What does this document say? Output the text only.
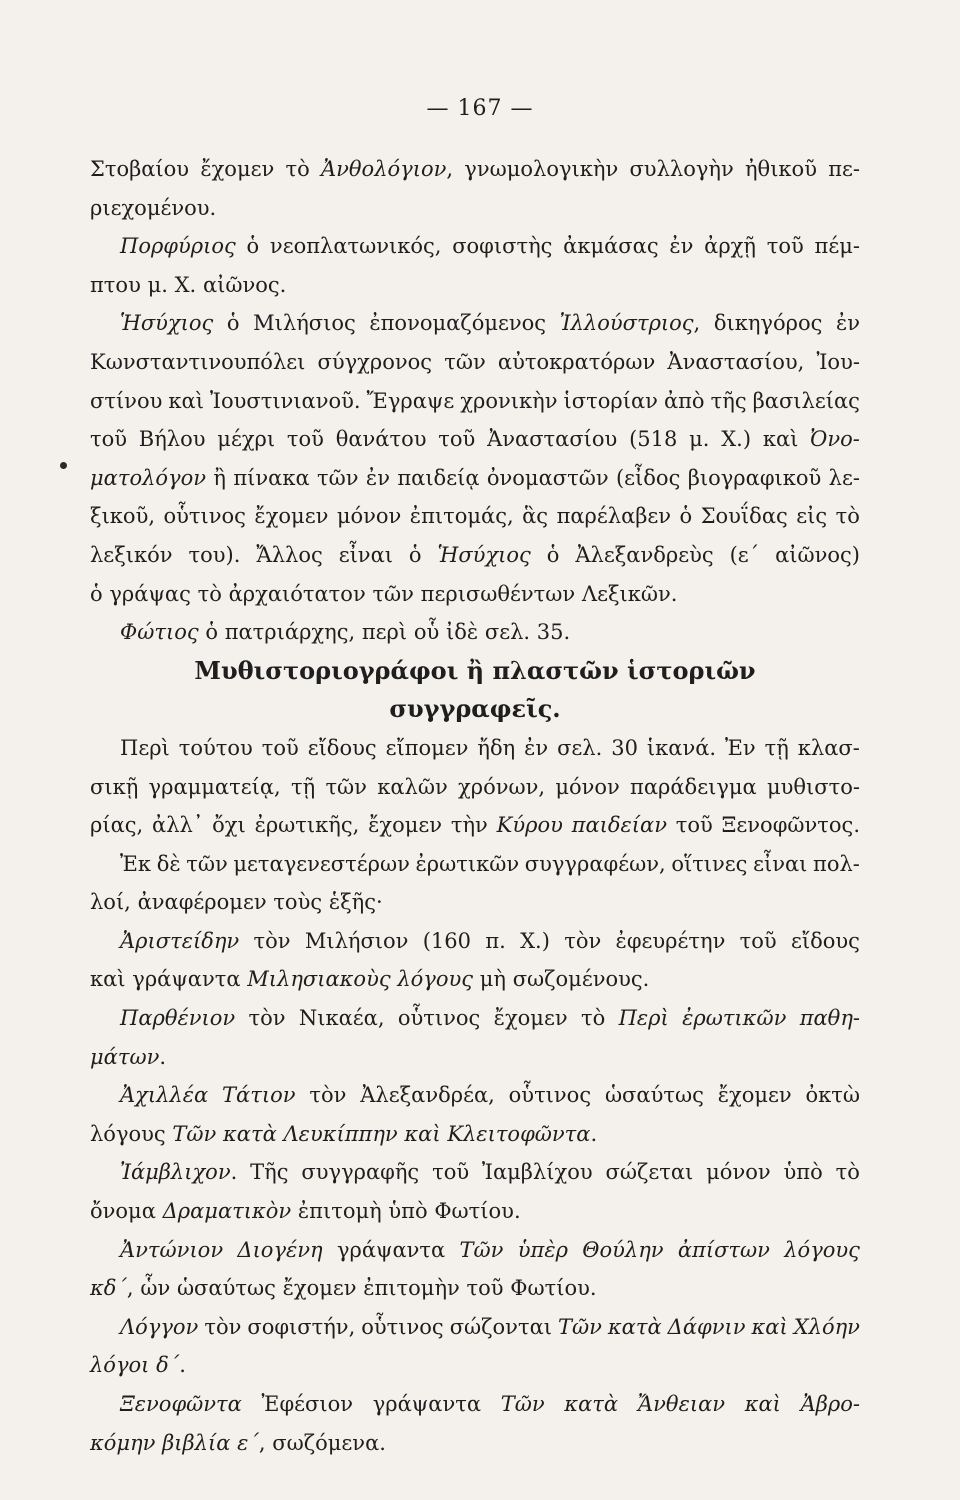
— 167 —
Στοβαίου ἔχομεν τὸ Ἀνθολόγιον, γνωμολογικὴν συλλογὴν ἠθικοῦ πε-
ριεχομένου.
Πορφύριος ὁ νεοπλατωνικός, σοφιστὴς ἀκμάσας ἐν ἀρχῇ τοῦ πέμ-
πτου μ. Χ. αἰῶνος.
Ἡσύχιος ὁ Μιλήσιος ἐπονομαζόμενος Ἰλλούστριος, δικηγόρος ἐν
Κωνσταντινουπόλει σύγχρονος τῶν αὐτοκρατόρων Ἀναστασίου, Ἰου-
στίνου καὶ Ἰουστινιανοῦ. Ἔγραψε χρονικὴν ἱστορίαν ἀπὸ τῆς βασιλείας
τοῦ Βήλου μέχρι τοῦ θανάτου τοῦ Ἀναστασίου (518 μ. Χ.) καὶ Ὀνο-
ματολόγον ἢ πίνακα τῶν ἐν παιδείᾳ ὀνομαστῶν (εἶδος βιογραφικοῦ λε-
ξικοῦ, οὗτινος ἔχομεν μόνον ἐπιτομάς, ἃς παρέλαβεν ὁ Σουΐδας εἰς τὸ
λεξικόν του). Ἄλλος εἶναι ὁ Ἡσύχιος ὁ Ἀλεξανδρεὺς (ε´ αἰῶνος)
ὁ γράψας τὸ ἀρχαιότατον τῶν περισωθέντων Λεξικῶν.
Φώτιος ὁ πατριάρχης, περὶ οὗ ἰδὲ σελ. 35.
Μυθιστοριογράφοι ἢ πλαστῶν ἱστοριῶν
συγγραφεῖς.
Περὶ τούτου τοῦ εἴδους εἴπομεν ἤδη ἐν σελ. 30 ἱκανά. Ἐν τῇ κλασ-
σικῇ γραμματείᾳ, τῇ τῶν καλῶν χρόνων, μόνον παράδειγμα μυθιστο-
ρίας, ἀλλ᾽ ὄχι ἐρωτικῆς, ἔχομεν τὴν Κύρου παιδείαν τοῦ Ξενοφῶντος.
Ἐκ δὲ τῶν μεταγενεστέρων ἐρωτικῶν συγγραφέων, οἵτινες εἶναι πολ-
λοί, ἀναφέρομεν τοὺς ἑξῆς·
Ἀριστείδην τὸν Μιλήσιον (160 π. Χ.) τὸν ἐφευρέτην τοῦ εἴδους
καὶ γράψαντα Μιλησιακοὺς λόγους μὴ σωζομένους.
Παρθένιον τὸν Νικαέα, οὗτινος ἔχομεν τὸ Περὶ ἐρωτικῶν παθη-
μάτων.
Ἀχιλλέα Τάτιον τὸν Ἀλεξανδρέα, οὗτινος ὡσαύτως ἔχομεν ὀκτὼ
λόγους Τῶν κατὰ Λευκίππην καὶ Κλειτοφῶντα.
Ἰάμβλιχον. Τῆς συγγραφῆς τοῦ Ἰαμβλίχου σώζεται μόνον ὑπὸ τὸ
ὄνομα Δραματικὸν ἐπιτομὴ ὑπὸ Φωτίου.
Ἀντώνιον Διογένη γράψαντα Τῶν ὑπὲρ Θούλην ἀπίστων λόγους
κδ´, ὧν ὡσαύτως ἔχομεν ἐπιτομὴν τοῦ Φωτίου.
Λόγγον τὸν σοφιστήν, οὗτινος σώζονται Τῶν κατὰ Δάφνιν καὶ Χλόην
λόγοι δ´.
Ξενοφῶντα Ἐφέσιον γράψαντα Τῶν κατὰ Ἄνθειαν καὶ Ἀβρο-
κόμην βιβλία ε´, σωζόμενα.
